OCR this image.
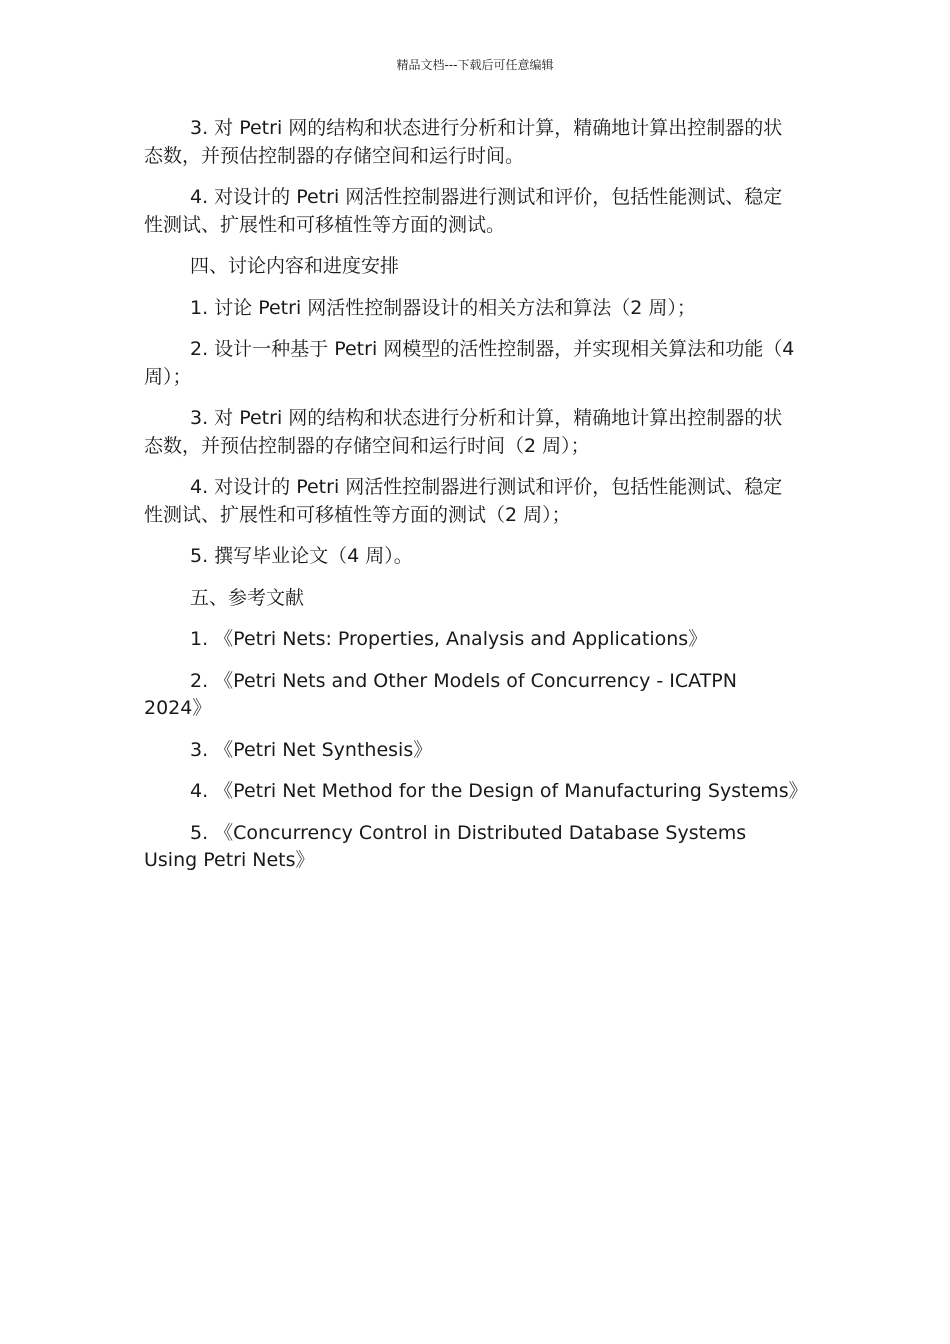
精品文档---下载后可任意编辑

3. 对 Petri 网的结构和状态进行分析和计算，精确地计算出控制器的状态数，并预估控制器的存储空间和运行时间。

4. 对设计的 Petri 网活性控制器进行测试和评价，包括性能测试、稳定性测试、扩展性和可移植性等方面的测试。

四、讨论内容和进度安排

1. 讨论 Petri 网活性控制器设计的相关方法和算法（2 周）；

2. 设计一种基于 Petri 网模型的活性控制器，并实现相关算法和功能（4 周）；

3. 对 Petri 网的结构和状态进行分析和计算，精确地计算出控制器的状态数，并预估控制器的存储空间和运行时间（2 周）；

4. 对设计的 Petri 网活性控制器进行测试和评价，包括性能测试、稳定性测试、扩展性和可移植性等方面的测试（2 周）；

5. 撰写毕业论文（4 周）。

五、参考文献

1. 《Petri Nets: Properties, Analysis and Applications》

2. 《Petri Nets and Other Models of Concurrency - ICATPN 2024》

3. 《Petri Net Synthesis》

4. 《Petri Net Method for the Design of Manufacturing Systems》

5. 《Concurrency Control in Distributed Database Systems Using Petri Nets》
